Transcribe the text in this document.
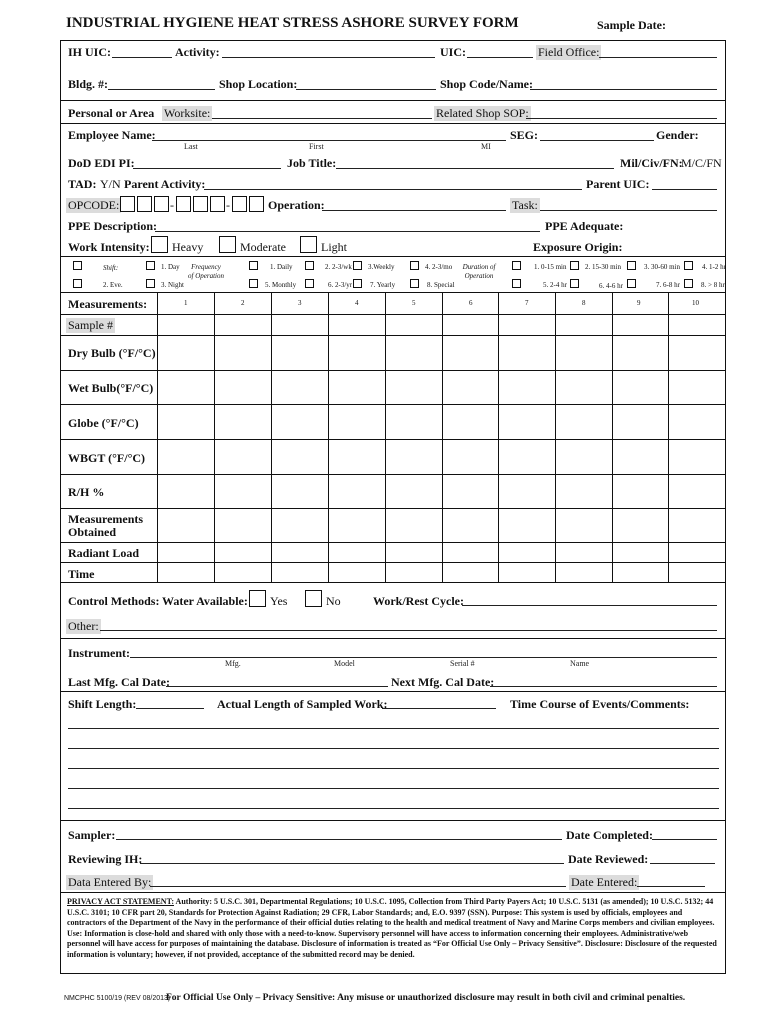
INDUSTRIAL HYGIENE HEAT STRESS ASHORE SURVEY FORM	Sample Date:
IH UIC:	Activity:	UIC:	Field Office:
Bldg. #:	Shop Location:	Shop Code/Name:
Personal or Area Worksite:	Related Shop SOP:
Employee Name:
Last	First	MI
SEG:	Gender:
DoD EDI PI:	Job Title:	Mil/Civ/FN:
M/C/FN
TAD: Y/N Parent Activity:	Parent UIC:
OPCODE:	-	-	Operation:	Task:
PPE Description:	PPE Adequate:
Work Intensity: Heavy	Moderate	Light	Exposure Origin:
Shift:	1. Day
2. Eve.	3. Night
Frequency of Operation
1. Daily	2. 2-3/wk 3.Weekly	4. 2-3/mo
5. Monthly	6. 2-3/yr	7. Yearly	8. Special
Duration of Operation
1. 0-15 min	2. 15-30 min	3. 30-60 min	4. 1-2 hr
5. 2-4 hr	6. 4-6 hr	7. 6-8 hr	8. > 8 hr
Measurements:	1	2	3	4	5	6	7	8	9	10
Sample #
Dry Bulb (°F/°C)
Wet Bulb(°F/°C)
Globe (°F/°C)
WBGT (°F/°C)
R/H %
Measurements Obtained
Radiant Load
Time
Control Methods: Water Available: Yes	No	Work/Rest Cycle:
Other:
Instrument:
Mfg.	Model	Serial #	Name
Last Mfg. Cal Date:	Next Mfg. Cal Date:
Shift Length:	Actual Length of Sampled Work:	Time Course of Events/Comments:
Sampler:	Date Completed:
Reviewing IH:	Date Reviewed:
Data Entered By:	Date Entered:
PRIVACY ACT STATEMENT: Authority: 5 U.S.C. 301, Departmental Regulations; 10 U.S.C. 1095, Collection from Third Party Payers Act; 10 U.S.C. 5131 (as amended); 10 U.S.C. 5132; 44 U.S.C. 3101; 10 CFR part 20, Standards for Protection Against Radiation; 29 CFR, Labor Standards; and, E.O. 9397 (SSN). Purpose: This system is used by officials, employees and contractors of the Department of the Navy in the performance of their official duties relating to the health and medical treatment of Navy and Marine Corps members and civilian employees. Use: Information is close-hold and shared with only those with a need-to-know. Supervisory personnel will have access to information concerning their employees. Administrative/web personnel will have access for purposes of maintaining the database. Disclosure of information is treated as “For Official Use Only – Privacy Sensitive”. Disclosure: Disclosure of the requested information is voluntary; however, if not provided, acceptance of the submitted record may be denied.
NMCPHC 5100/19 (REV 08/2013)
For Official Use Only – Privacy Sensitive: Any misuse or unauthorized disclosure may result in both civil and criminal penalties.
